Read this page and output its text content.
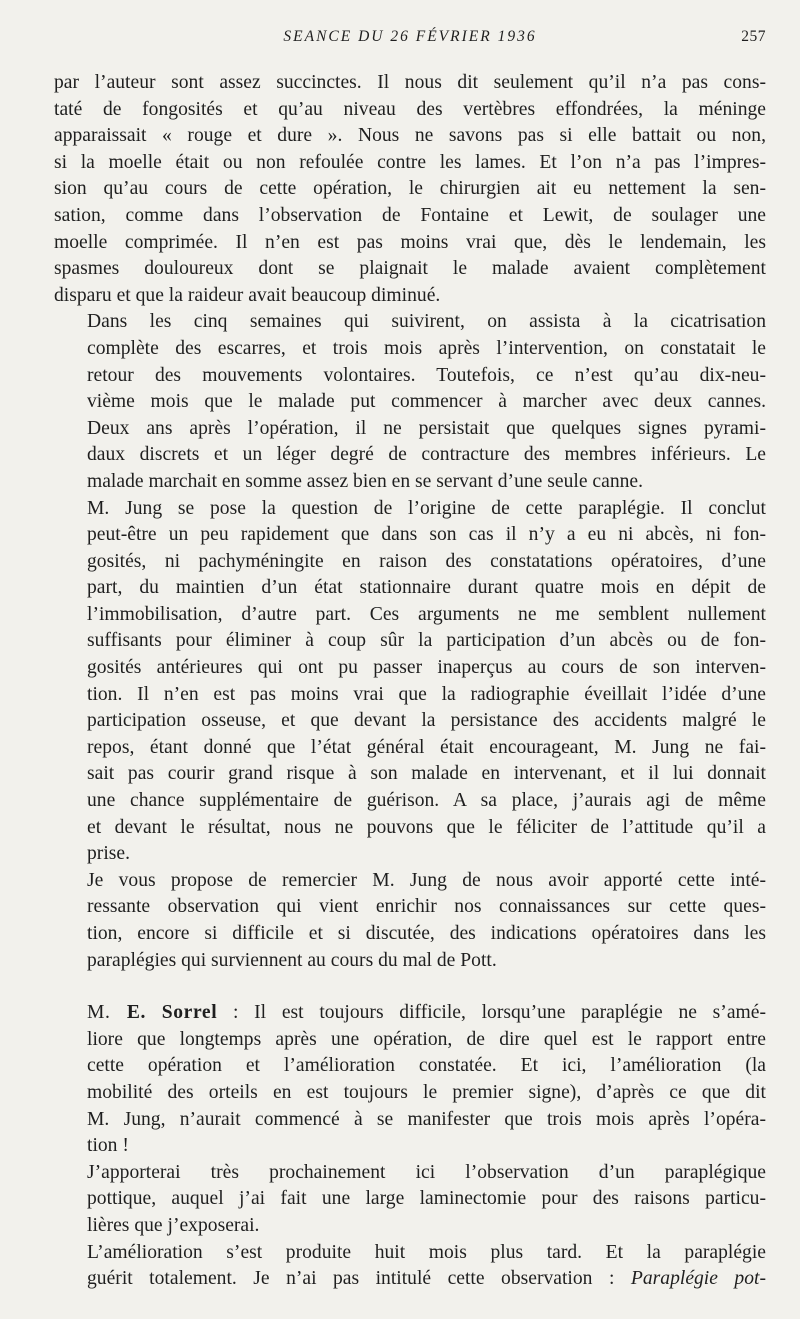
SEANCE DU 26 FÉVRIER 1936	257

par l’auteur sont assez succinctes. Il nous dit seulement qu’il n’a pas cons-
taté de fongosités et qu’au niveau des vertèbres effondrées, la méninge
apparaissait « rouge et dure ». Nous ne savons pas si elle battait ou non,
si la moelle était ou non refoulée contre les lames. Et l’on n’a pas l’impres-
sion qu’au cours de cette opération, le chirurgien ait eu nettement la sen-
sation, comme dans l’observation de Fontaine et Lewit, de soulager une
moelle comprimée. Il n’en est pas moins vrai que, dès le lendemain, les
spasmes douloureux dont se plaignait le malade avaient complètement
disparu et que la raideur avait beaucoup diminué.

Dans les cinq semaines qui suivirent, on assista à la cicatrisation
complète des escarres, et trois mois après l’intervention, on constatait le
retour des mouvements volontaires. Toutefois, ce n’est qu’au dix-neu-
vième mois que le malade put commencer à marcher avec deux cannes.
Deux ans après l’opération, il ne persistait que quelques signes pyrami-
daux discrets et un léger degré de contracture des membres inférieurs. Le
malade marchait en somme assez bien en se servant d’une seule canne.

M. Jung se pose la question de l’origine de cette paraplégie. Il conclut
peut-être un peu rapidement que dans son cas il n’y a eu ni abcès, ni fon-
gosités, ni pachyméningite en raison des constatations opératoires, d’une
part, du maintien d’un état stationnaire durant quatre mois en dépit de
l’immobilisation, d’autre part. Ces arguments ne me semblent nullement
suffisants pour éliminer à coup sûr la participation d’un abcès ou de fon-
gosités antérieures qui ont pu passer inaperçus au cours de son interven-
tion. Il n’en est pas moins vrai que la radiographie éveillait l’idée d’une
participation osseuse, et que devant la persistance des accidents malgré le
repos, étant donné que l’état général était encourageant, M. Jung ne fai-
sait pas courir grand risque à son malade en intervenant, et il lui donnait
une chance supplémentaire de guérison. A sa place, j’aurais agi de même
et devant le résultat, nous ne pouvons que le féliciter de l’attitude qu’il a
prise.

Je vous propose de remercier M. Jung de nous avoir apporté cette inté-
ressante observation qui vient enrichir nos connaissances sur cette ques-
tion, encore si difficile et si discutée, des indications opératoires dans les
paraplégies qui surviennent au cours du mal de Pott.

M. E. Sorrel : Il est toujours difficile, lorsqu’une paraplégie ne s’amé-
liore que longtemps après une opération, de dire quel est le rapport entre
cette opération et l’amélioration constatée. Et ici, l’amélioration (la
mobilité des orteils en est toujours le premier signe), d’après ce que dit
M. Jung, n’aurait commencé à se manifester que trois mois après l’opéra-
tion !

J’apporterai très prochainement ici l’observation d’un paraplégique
pottique, auquel j’ai fait une large laminectomie pour des raisons particu-
lières que j’exposerai.

L’amélioration s’est produite huit mois plus tard. Et la paraplégie
guérit totalement. Je n’ai pas intitulé cette observation : Paraplégie pot-
